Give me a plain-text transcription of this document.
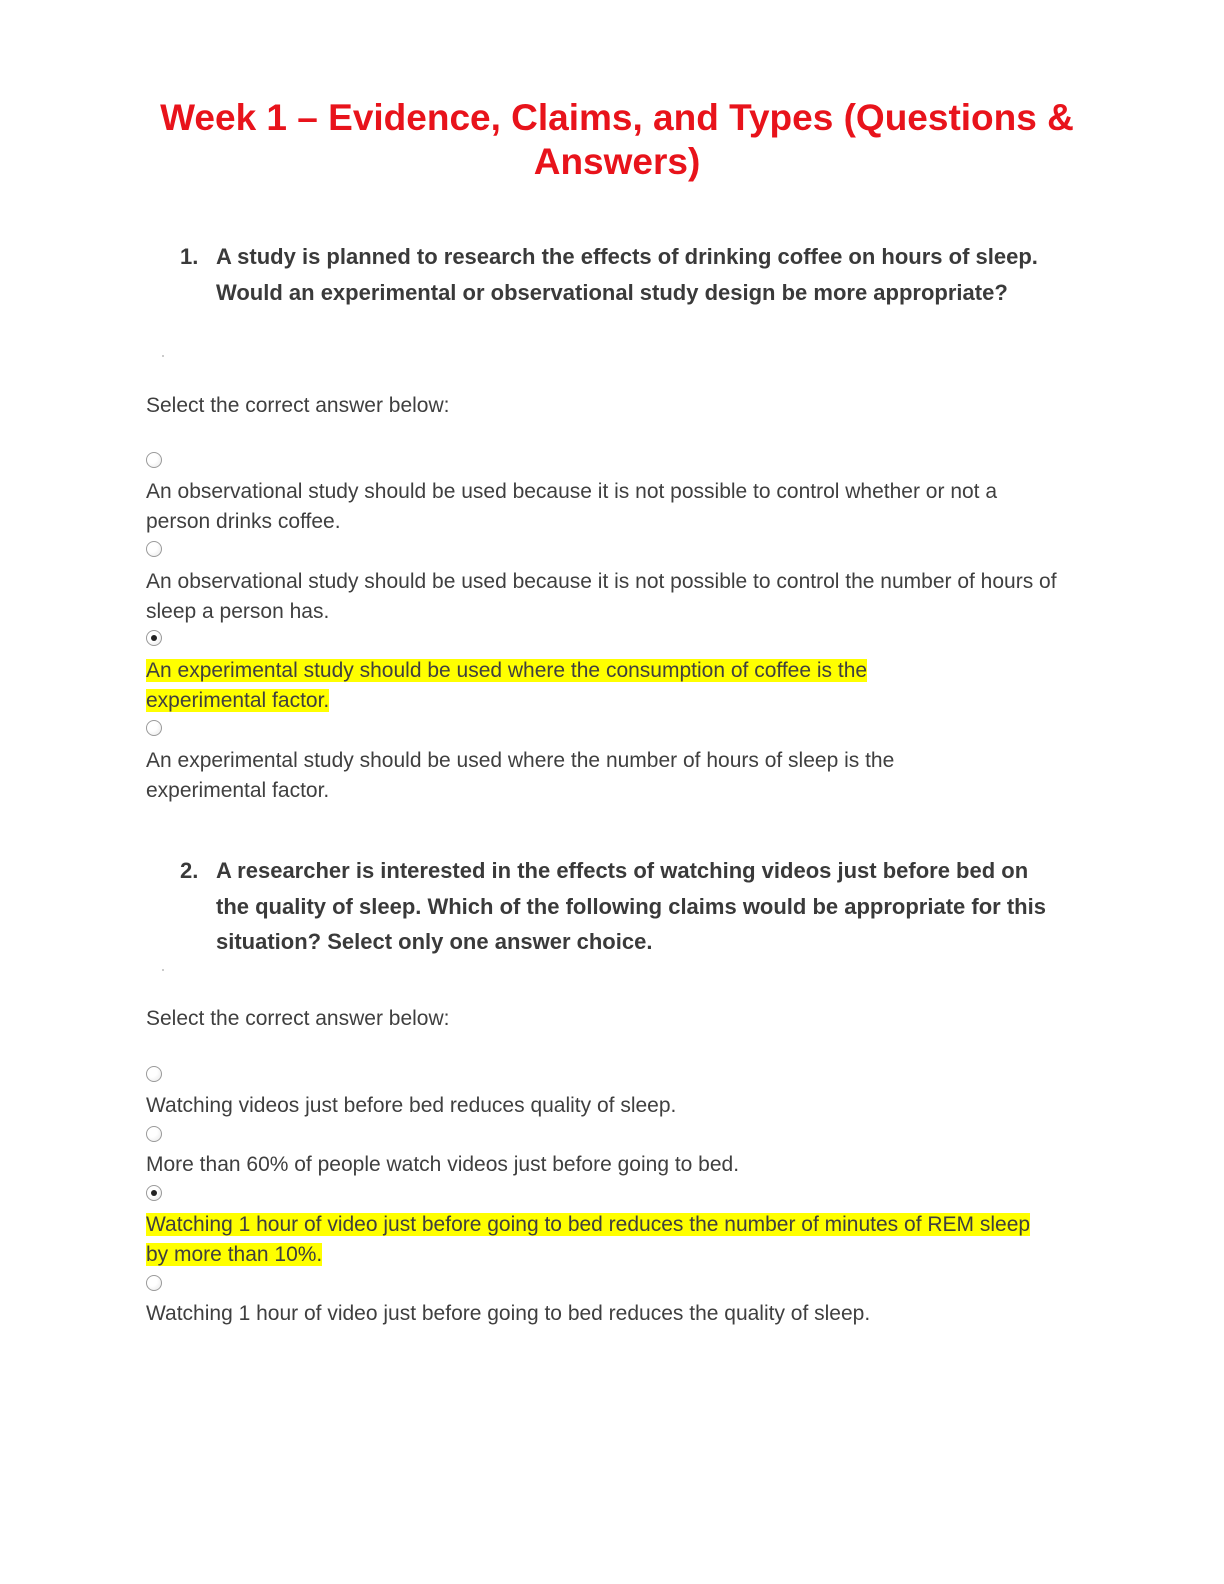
Week 1 – Evidence, Claims, and Types (Questions &
Answers)
1. A study is planned to research the effects of drinking coffee on hours of sleep. Would an experimental or observational study design be more appropriate?
Select the correct answer below:
An observational study should be used because it is not possible to control whether or not a person drinks coffee.
An observational study should be used because it is not possible to control the number of hours of sleep a person has.
An experimental study should be used where the consumption of coffee is the experimental factor.
An experimental study should be used where the number of hours of sleep is the experimental factor.
2. A researcher is interested in the effects of watching videos just before bed on the quality of sleep. Which of the following claims would be appropriate for this situation? Select only one answer choice.
Select the correct answer below:
Watching videos just before bed reduces quality of sleep.
More than 60% of people watch videos just before going to bed.
Watching 1 hour of video just before going to bed reduces the number of minutes of REM sleep by more than 10%.
Watching 1 hour of video just before going to bed reduces the quality of sleep.
